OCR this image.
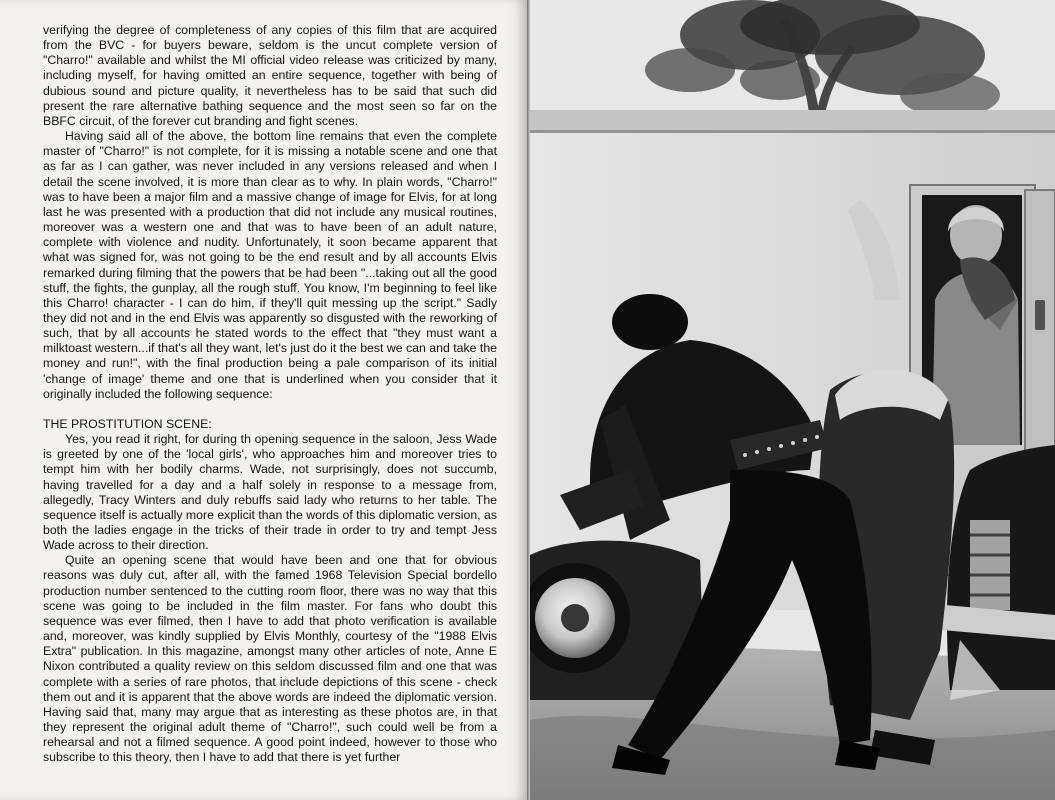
verifying the degree of completeness of any copies of this film that are acquired from the BVC - for buyers beware, seldom is the uncut complete version of "Charro!" available and whilst the MI official video release was criticized by many, including myself, for having omitted an entire sequence, together with being of dubious sound and picture quality, it nevertheless has to be said that such did present the rare alternative bathing sequence and the most seen so far on the BBFC circuit, of the forever cut branding and fight scenes.

Having said all of the above, the bottom line remains that even the complete master of "Charro!" is not complete, for it is missing a notable scene and one that as far as I can gather, was never included in any versions released and when I detail the scene involved, it is more than clear as to why. In plain words, "Charro!" was to have been a major film and a massive change of image for Elvis, for at long last he was presented with a production that did not include any musical routines, moreover was a western one and that was to have been of an adult nature, complete with violence and nudity. Unfortunately, it soon became apparent that what was signed for, was not going to be the end result and by all accounts Elvis remarked during filming that the powers that be had been "...taking out all the good stuff, the fights, the gunplay, all the rough stuff. You know, I'm beginning to feel like this Charro! character - I can do him, if they'll quit messing up the script." Sadly they did not and in the end Elvis was apparently so disgusted with the reworking of such, that by all accounts he stated words to the effect that "they must want a milktoast western...if that's all they want, let's just do it the best we can and take the money and run!", with the final production being a pale comparison of its initial 'change of image' theme and one that is underlined when you consider that it originally included the following sequence:

THE PROSTITUTION SCENE:

Yes, you read it right, for during th opening sequence in the saloon, Jess Wade is greeted by one of the 'local girls', who approaches him and moreover tries to tempt him with her bodily charms. Wade, not surprisingly, does not succumb, having travelled for a day and a half solely in response to a message from, allegedly, Tracy Winters and duly rebuffs said lady who returns to her table. The sequence itself is actually more explicit than the words of this diplomatic version, as both the ladies engage in the tricks of their trade in order to try and tempt Jess Wade across to their direction.

Quite an opening scene that would have been and one that for obvious reasons was duly cut, after all, with the famed 1968 Television Special bordello production number sentenced to the cutting room floor, there was no way that this scene was going to be included in the film master. For fans who doubt this sequence was ever filmed, then I have to add that photo verification is available and, moreover, was kindly supplied by Elvis Monthly, courtesy of the "1988 Elvis Extra" publication. In this magazine, amongst many other articles of note, Anne E Nixon contributed a quality review on this seldom discussed film and one that was complete with a series of rare photos, that include depictions of this scene - check them out and it is apparent that the above words are indeed the diplomatic version. Having said that, many may argue that as interesting as these photos are, in that they represent the original adult theme of "Charro!", such could well be from a rehearsal and not a filmed sequence. A good point indeed, however to those who subscribe to this theory, then I have to add that there is yet further
